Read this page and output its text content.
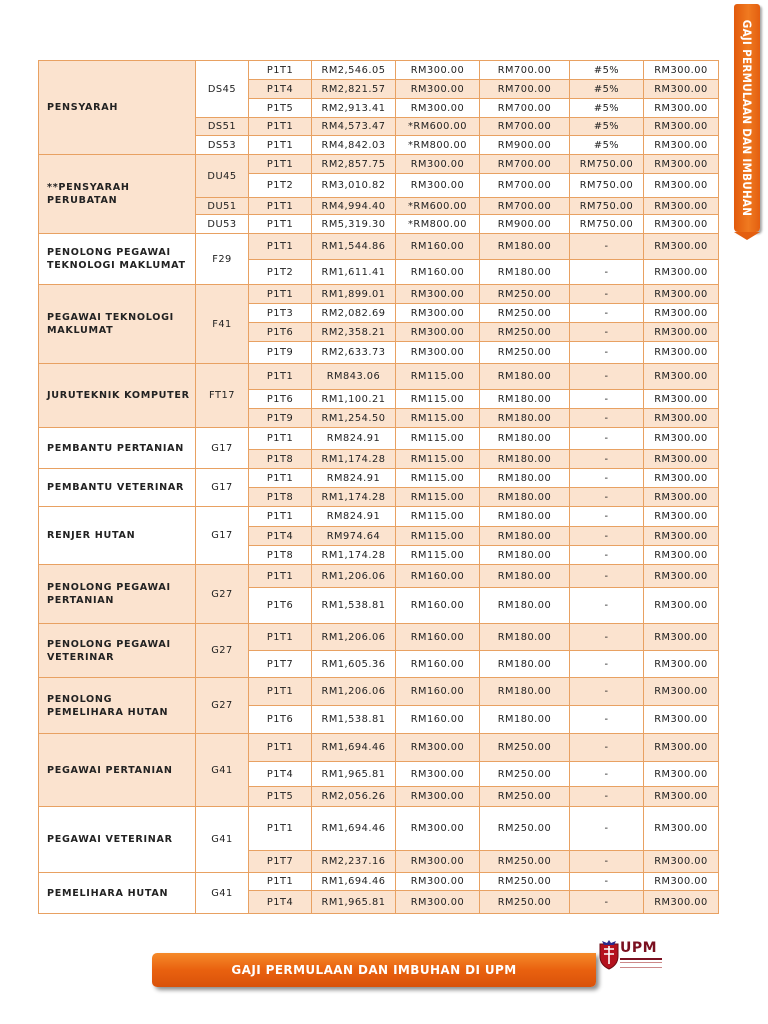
PENSYARAH	DS45	P1T1	RM2,546.05	RM300.00	RM700.00	#5%	RM300.00
		P1T4	RM2,821.57	RM300.00	RM700.00	#5%	RM300.00
		P1T5	RM2,913.41	RM300.00	RM700.00	#5%	RM300.00
	DS51	P1T1	RM4,573.47	*RM600.00	RM700.00	#5%	RM300.00
	DS53	P1T1	RM4,842.03	*RM800.00	RM900.00	#5%	RM300.00
**PENSYARAH PERUBATAN	DU45	P1T1	RM2,857.75	RM300.00	RM700.00	RM750.00	RM300.00
		P1T2	RM3,010.82	RM300.00	RM700.00	RM750.00	RM300.00
	DU51	P1T1	RM4,994.40	*RM600.00	RM700.00	RM750.00	RM300.00
	DU53	P1T1	RM5,319.30	*RM800.00	RM900.00	RM750.00	RM300.00
PENOLONG PEGAWAI TEKNOLOGI MAKLUMAT	F29	P1T1	RM1,544.86	RM160.00	RM180.00	-	RM300.00
		P1T2	RM1,611.41	RM160.00	RM180.00	-	RM300.00
PEGAWAI TEKNOLOGI MAKLUMAT	F41	P1T1	RM1,899.01	RM300.00	RM250.00	-	RM300.00
		P1T3	RM2,082.69	RM300.00	RM250.00	-	RM300.00
		P1T6	RM2,358.21	RM300.00	RM250.00	-	RM300.00
		P1T9	RM2,633.73	RM300.00	RM250.00	-	RM300.00
JURUTEKNIK KOMPUTER	FT17	P1T1	RM843.06	RM115.00	RM180.00	-	RM300.00
		P1T6	RM1,100.21	RM115.00	RM180.00	-	RM300.00
		P1T9	RM1,254.50	RM115.00	RM180.00	-	RM300.00
PEMBANTU PERTANIAN	G17	P1T1	RM824.91	RM115.00	RM180.00	-	RM300.00
		P1T8	RM1,174.28	RM115.00	RM180.00	-	RM300.00
PEMBANTU VETERINAR	G17	P1T1	RM824.91	RM115.00	RM180.00	-	RM300.00
		P1T8	RM1,174.28	RM115.00	RM180.00	-	RM300.00
RENJER HUTAN	G17	P1T1	RM824.91	RM115.00	RM180.00	-	RM300.00
		P1T4	RM974.64	RM115.00	RM180.00	-	RM300.00
		P1T8	RM1,174.28	RM115.00	RM180.00	-	RM300.00
PENOLONG PEGAWAI PERTANIAN	G27	P1T1	RM1,206.06	RM160.00	RM180.00	-	RM300.00
		P1T6	RM1,538.81	RM160.00	RM180.00	-	RM300.00
PENOLONG PEGAWAI VETERINAR	G27	P1T1	RM1,206.06	RM160.00	RM180.00	-	RM300.00
		P1T7	RM1,605.36	RM160.00	RM180.00	-	RM300.00
PENOLONG PEMELIHARA HUTAN	G27	P1T1	RM1,206.06	RM160.00	RM180.00	-	RM300.00
		P1T6	RM1,538.81	RM160.00	RM180.00	-	RM300.00
PEGAWAI PERTANIAN	G41	P1T1	RM1,694.46	RM300.00	RM250.00	-	RM300.00
		P1T4	RM1,965.81	RM300.00	RM250.00	-	RM300.00
		P1T5	RM2,056.26	RM300.00	RM250.00	-	RM300.00
PEGAWAI VETERINAR	G41	P1T1	RM1,694.46	RM300.00	RM250.00	-	RM300.00
		P1T7	RM2,237.16	RM300.00	RM250.00	-	RM300.00
PEMELIHARA HUTAN	G41	P1T1	RM1,694.46	RM300.00	RM250.00	-	RM300.00
		P1T4	RM1,965.81	RM300.00	RM250.00	-	RM300.00
GAJI PERMULAAN DAN IMBUHAN
GAJI PERMULAAN DAN IMBUHAN DI UPM
UPM
